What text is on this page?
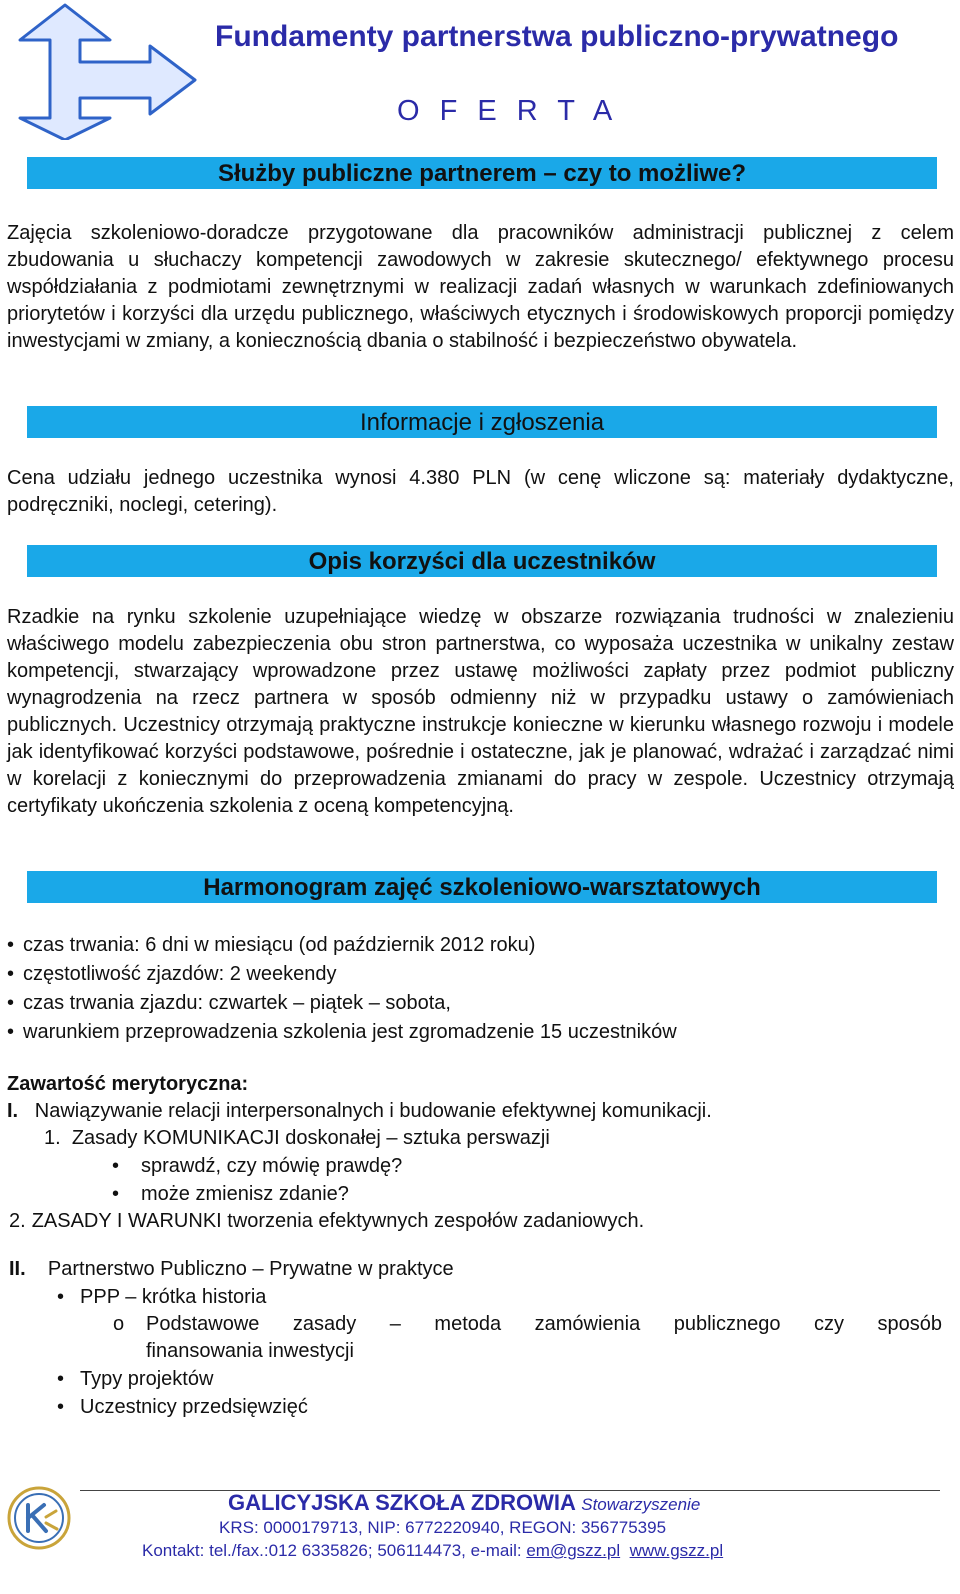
Fundamenty partnerstwa publiczno-prywatnego
O F E R T A
Służby publiczne partnerem – czy to możliwe?

Zajęcia szkoleniowo-doradcze przygotowane dla pracowników administracji publicznej z celem zbudowania u słuchaczy kompetencji zawodowych w zakresie skutecznego/ efektywnego procesu współdziałania z podmiotami zewnętrznymi w realizacji zadań własnych w warunkach zdefiniowanych priorytetów i korzyści dla urzędu publicznego, właściwych etycznych i środowiskowych proporcji pomiędzy inwestycjami w zmiany, a koniecznością dbania o stabilność i bezpieczeństwo obywatela.

Informacje i zgłoszenia

Cena udziału jednego uczestnika wynosi 4.380 PLN (w cenę wliczone są: materiały dydaktyczne, podręczniki, noclegi, cetering).

Opis korzyści dla uczestników

Rzadkie na rynku szkolenie uzupełniające wiedzę w obszarze rozwiązania trudności w znalezieniu właściwego modelu zabezpieczenia obu stron partnerstwa, co wyposaża uczestnika w unikalny zestaw kompetencji, stwarzający wprowadzone przez ustawę możliwości zapłaty przez podmiot publiczny wynagrodzenia na rzecz partnera w sposób odmienny niż w przypadku ustawy o zamówieniach publicznych. Uczestnicy otrzymają praktyczne instrukcje konieczne w kierunku własnego rozwoju i modele jak identyfikować korzyści podstawowe, pośrednie i ostateczne, jak je planować, wdrażać i zarządzać nimi w korelacji z koniecznymi do przeprowadzenia zmianami do pracy w zespole. Uczestnicy otrzymają certyfikaty ukończenia szkolenia z oceną kompetencyjną.

Harmonogram zajęć szkoleniowo-warsztatowych
• czas trwania: 6 dni w miesiącu (od październik 2012 roku)
• częstotliwość zjazdów: 2 weekendy
• czas trwania zjazdu: czwartek – piątek – sobota,
• warunkiem przeprowadzenia szkolenia jest zgromadzenie 15 uczestników
Zawartość merytoryczna:
I. Nawiązywanie relacji interpersonalnych i budowanie efektywnej komunikacji.
1. Zasady KOMUNIKACJI doskonałej – sztuka perswazji
• sprawdź, czy mówię prawdę?
• może zmienisz zdanie?
2. ZASADY I WARUNKI tworzenia efektywnych zespołów zadaniowych.
II. Partnerstwo Publiczno – Prywatne w praktyce
• PPP – krótka historia
o Podstawowe zasady – metoda zamówienia publicznego czy sposób
finansowania inwestycji
• Typy projektów
• Uczestnicy przedsięwzięć
GALICYJSKA SZKOŁA ZDROWIA Stowarzyszenie
KRS: 0000179713, NIP: 6772220940, REGON: 356775395
Kontakt: tel./fax.:012 6335826; 506114473, e-mail: em@gszz.pl www.gszz.pl
